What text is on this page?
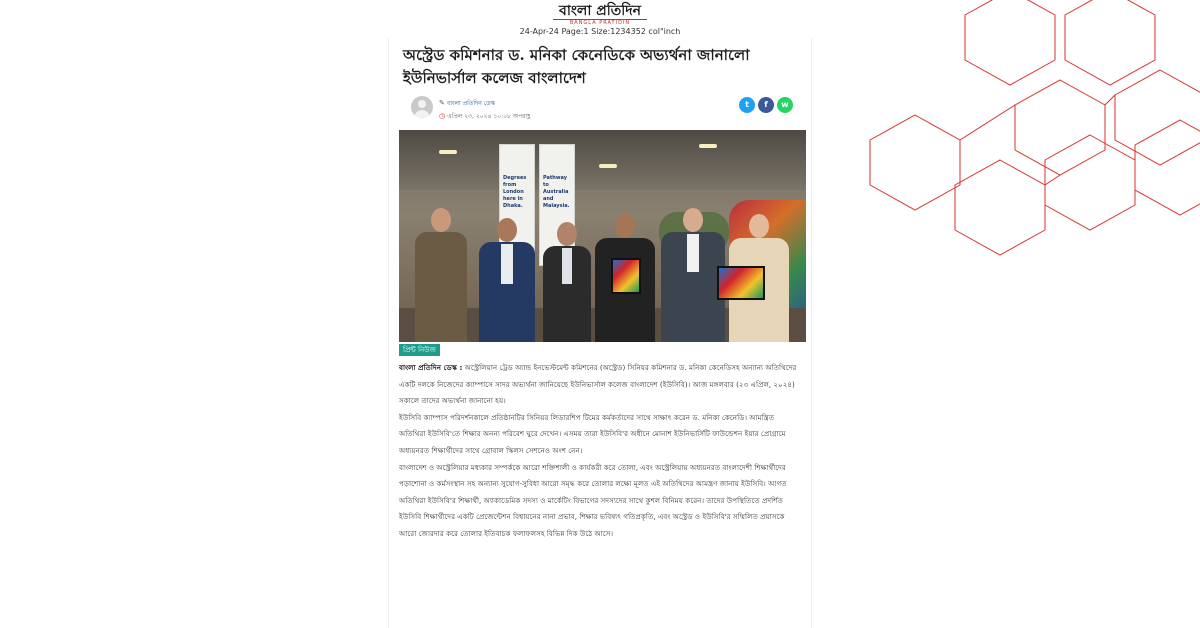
বাংলা প্রতিদিন
BANGLA PRATIDIN
24-Apr-24 Page:1 Size:1234352 col"inch
অস্ট্রেড কমিশনার ড. মনিকা কেনেডিকে অভ্যর্থনা জানালো ইউনিভার্সাল কলেজ বাংলাদেশ
✎ বাংলা প্রতিদিন ডেস্ক
◷ এপ্রিল ২৩, ২০২৪ ১০:০৮ অপরাহ্ণ
t	f	w
Degrees from London here in Dhaka.
Pathway to Australia and Malaysia.
প্রিন্ট নিউজ

বাংলা প্রতিদিন ডেস্ক : অস্ট্রেলিয়ান ট্রেড অ্যান্ড ইনভেস্টমেন্ট কমিশনের (অস্ট্রেড) সিনিয়র কমিশনার ড. মনিকা কেনেডিসহ অন্যান্য অতিথিদের একটি দলকে নিজেদের ক্যাম্পাসে সাদর অভ্যর্থনা জানিয়েছে ইউনিভার্সাল কলেজ বাংলাদেশ (ইউসিবি)। আজ মঙ্গলবার (২৩ এপ্রিল, ২০২৪) সকালে তাদের অভ্যর্থনা জানানো হয়।

ইউসিবি ক্যাম্পাস পরিদর্শনকালে প্রতিষ্ঠানটির সিনিয়র লিডারশিপ টিমের কর্মকর্তাদের সাথে সাক্ষাৎ করেন ড. মনিকা কেনেডি। আমন্ত্রিত অতিথিরা ইউসিবি'তে শিক্ষার অনন্য পরিবেশ ঘুরে দেখেন। এসময় তারা ইউসিবি'র অধীনে মোনাশ ইউনিভার্সিটি ফাউন্ডেশন ইয়ার প্রোগ্রামে অধ্যয়নরত শিক্ষার্থীদের সাথে গ্রোবাল স্কিলস সেশনেও অংশ নেন।

বাংলাদেশ ও অস্ট্রেলিয়ার মধ্যকার সম্পর্ককে আরো শক্তিশালী ও কার্যকরী করে তোলা, এবং অস্ট্রেলিয়ায় অধ্যয়নরত বাংলাদেশী শিক্ষার্থীদের পড়াশোনা ও কর্মসংস্থান সহ অন্যান্য সুযোগ-সুবিধা আরো সমৃদ্ধ করে তোলার লক্ষ্যে মূলত এই অতিথিদের আমন্ত্রণ জানায় ইউসিবি। আগত অতিথিরা ইউসিবি'র শিক্ষার্থী, অ্যাকাডেমিক সদস্য ও মার্কেটিং বিভাগের সদস্যদের সাথে কুশল বিনিময় করেন। তাদের উপস্থিতিতে প্রদর্শিত ইউসিবি শিক্ষার্থীদের একটি প্রেজেন্টেশন বিশ্বায়নের নানা প্রভাব, শিক্ষার ভবিষ্যৎ গতিপ্রকৃতি, এবং অস্ট্রেড ও ইউসিবি'র সম্মিলিত প্রয়াসকে আরো জোরদার করে তোলার ইতিবাচক ফলাফলসহ বিভিন্ন দিক উঠে আসে।
